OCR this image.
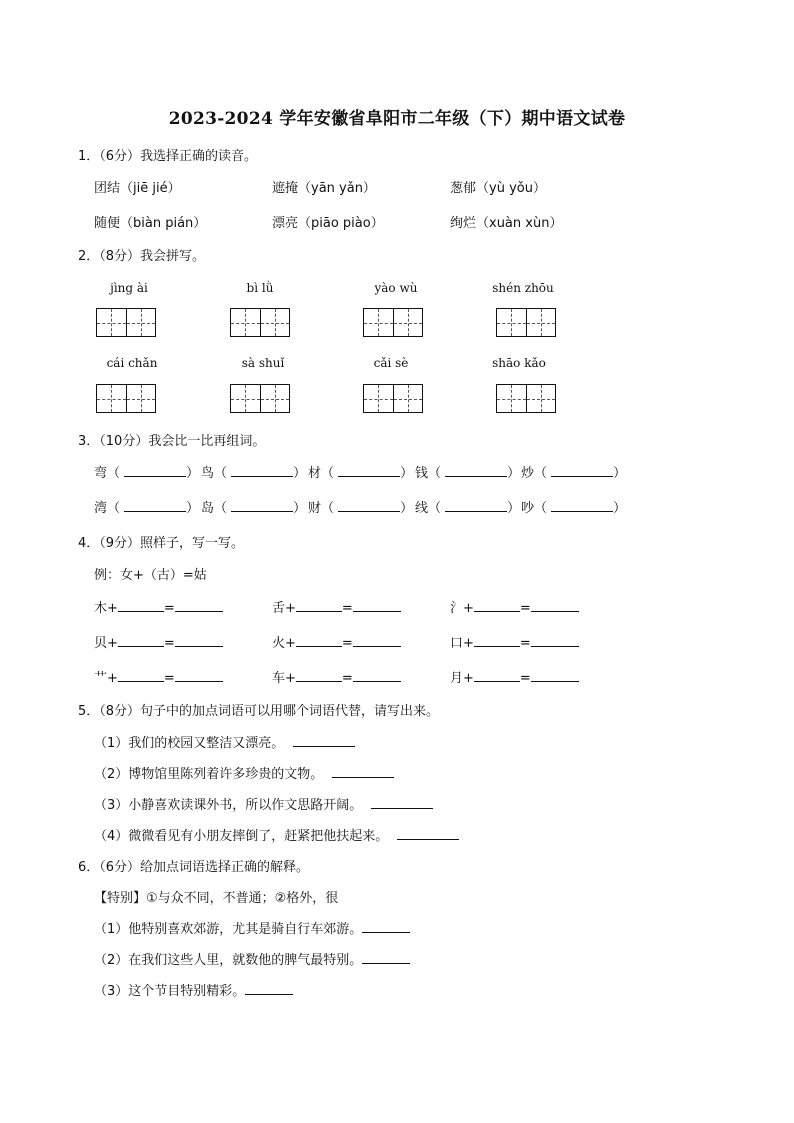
2023-2024 学年安徽省阜阳市二年级（下）期中语文试卷
1．（6分）我选择正确的读音。
团结（jiē jié）	遮掩（yān yǎn）	葱郁（yù yǒu）
随便（biàn pián）	漂亮（piāo piào）	绚烂（xuàn xùn）
2．（8分）我会拼写。
jìng ài	bì lǜ	yào wù	shén zhōu
cái chǎn	sà shuǐ	cǎi sè	shāo kǎo
3．（10分）我会比一比再组词。
弯（	） 鸟（	） 材（	） 钱（	） 炒（	）
湾（	） 岛（	） 财（	） 线（	） 吵（	）
4．（9分）照样子，写一写。
例：女+（古）=姑
木+	=	舌+	=	氵+	=
贝+	=	火+	=	口+	=
艹+	=	车+	=	月+	=
5．（8分）句子中的加点词语可以用哪个词语代替，请写出来。
（1）我们的校园又整洁又漂亮。
（2）博物馆里陈列着许多珍贵的文物。
（3）小静喜欢读课外书，所以作文思路开阔。
（4）微微看见有小朋友摔倒了，赶紧把他扶起来。
6．（6分）给加点词语选择正确的解释。
【特别】①与众不同，不普通；②格外，很
（1）他特别喜欢郊游，尤其是骑自行车郊游。
（2）在我们这些人里，就数他的脾气最特别。
（3）这个节目特别精彩。
